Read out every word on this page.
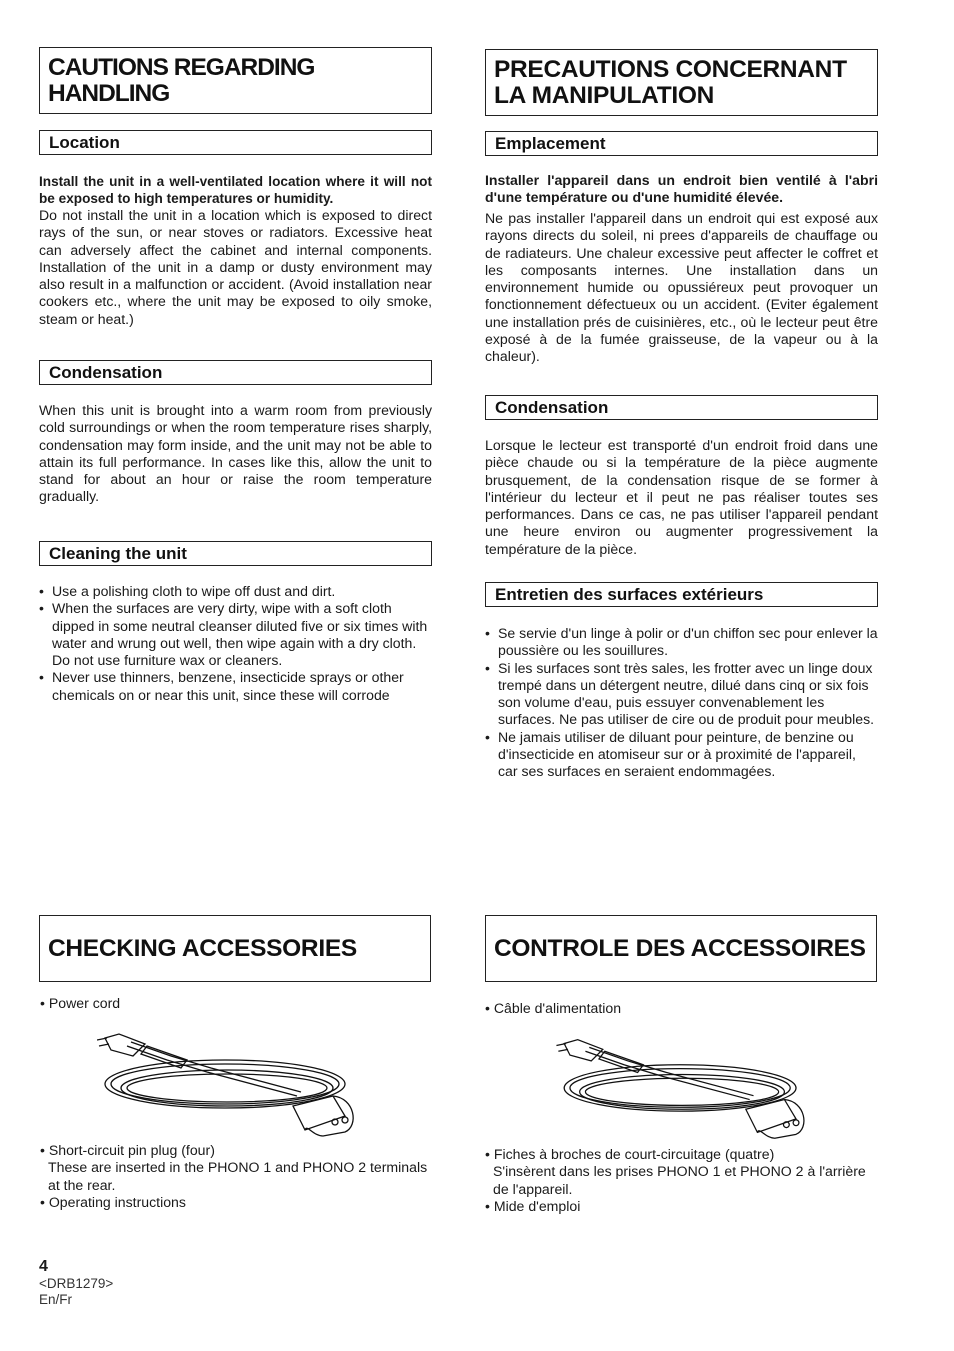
CAUTIONS REGARDING HANDLING
Location

Install the unit in a well-ventilated location where it will not be exposed to high temperatures or humidity.

Do not install the unit in a location which is exposed to direct rays of the sun, or near stoves or radiators. Excessive heat can adversely affect the cabinet and internal components. Installation of the unit in a damp or dusty environment may also result in a malfunction or accident. (Avoid installation near cookers etc., where the unit may be exposed to oily smoke, steam or heat.)

Condensation

When this unit is brought into a warm room from previously cold surroundings or when the room temperature rises sharply, condensation may form inside, and the unit may not be able to attain its full performance. In cases like this, allow the unit to stand for about an hour or raise the room temperature gradually.

Cleaning the unit
• Use a polishing cloth to wipe off dust and dirt.
• When the surfaces are very dirty, wipe with a soft cloth dipped in some neutral cleanser diluted five or six times with water and wrung out well, then wipe again with a dry cloth. Do not use furniture wax or cleaners.
• Never use thinners, benzene, insecticide sprays or other chemicals on or near this unit, since these will corrode
CHECKING ACCESSORIES
• Power cord
• Short-circuit pin plug (four)
These are inserted in the PHONO 1 and PHONO 2 terminals at the rear.
• Operating instructions
PRECAUTIONS CONCERNANT LA MANIPULATION
Emplacement

Installer l'appareil dans un endroit bien ventilé à l'abri d'une température ou d'une humidité élevée.

Ne pas installer l'appareil dans un endroit qui est exposé aux rayons directs du soleil, ni prees d'appareils de chauffage ou de radiateurs. Une chaleur excessive peut affecter le coffret et les composants internes. Une installation dans un environnement humide ou opussiéreux peut provoquer un fonctionnement défectueux ou un accident. (Eviter également une installation prés de cuisinières, etc., où le lecteur peut être exposé à de la fumée graisseuse, de la vapeur ou à la chaleur).

Condensation

Lorsque le lecteur est transporté d'un endroit froid dans une pièce chaude ou si la température de la pièce augmente brusquement, de la condensation risque de se former à l'intérieur du lecteur et il peut ne pas réaliser toutes ses performances. Dans ce cas, ne pas utiliser l'appareil pendant une heure environ ou augmenter progressivement la température de la pièce.

Entretien des surfaces extérieurs
• Se servie d'un linge à polir or d'un chiffon sec pour enlever la poussière ou les souillures.
• Si les surfaces sont très sales, les frotter avec un linge doux trempé dans un détergent neutre, dilué dans cinq or six fois son volume d'eau, puis essuyer convenablement les surfaces. Ne pas utiliser de cire ou de produit pour meubles.
• Ne jamais utiliser de diluant pour peinture, de benzine ou d'insecticide en atomiseur sur or à proximité de l'appareil, car ses surfaces en seraient endommagées.
CONTROLE DES ACCESSOIRES
• Câble d'alimentation
• Fiches à broches de court-circuitage (quatre)
S'insèrent dans les prises PHONO 1 et PHONO 2 à l'arrière de l'appareil.
• Mide d'emploi
4
<DRB1279>
En/Fr
